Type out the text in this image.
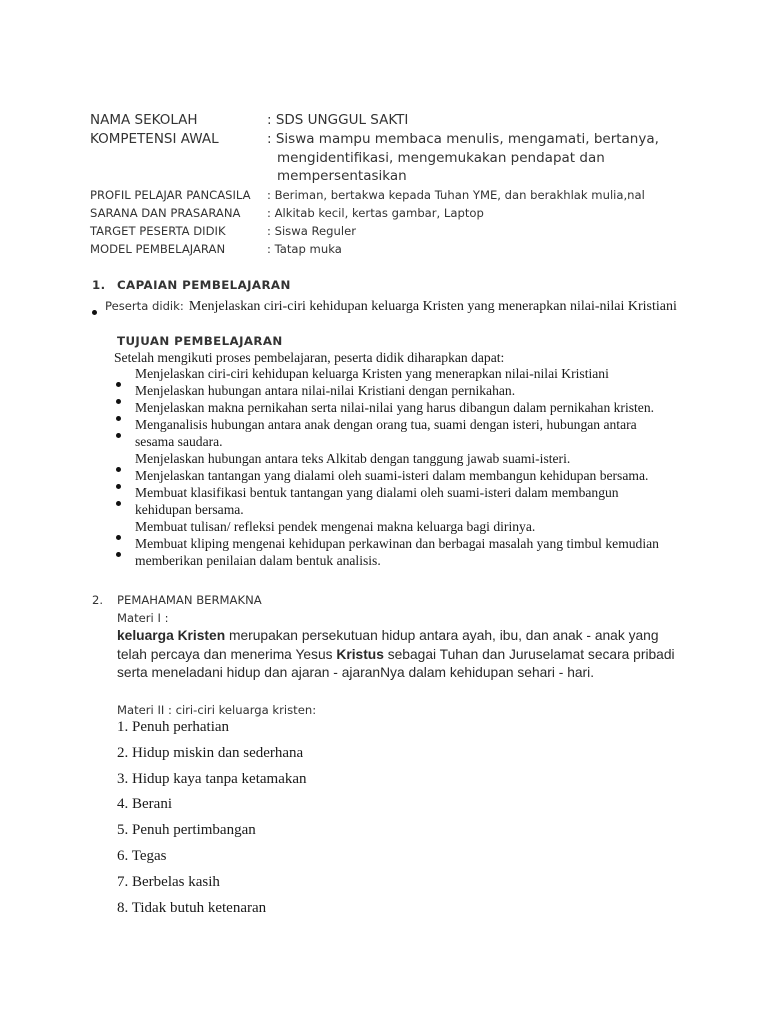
NAMA SEKOLAH	: SDS UNGGUL SAKTI
KOMPETENSI AWAL	: Siswa mampu membaca menulis, mengamati, bertanya,
mengidentifikasi, mengemukakan pendapat dan
mempersentasikan
PROFIL PELAJAR PANCASILA : Beriman, bertakwa kepada Tuhan YME, dan berakhlak mulia,nal
SARANA DAN PRASARANA : Alkitab kecil, kertas gambar, Laptop
TARGET PESERTA DIDIK	: Siswa Reguler
MODEL PEMBELAJARAN	: Tatap muka
1. CAPAIAN PEMBELAJARAN
Peserta didik: Menjelaskan ciri-ciri kehidupan keluarga Kristen yang menerapkan nilai-nilai Kristiani
TUJUAN PEMBELAJARAN
Setelah mengikuti proses pembelajaran, peserta didik diharapkan dapat:
Menjelaskan ciri-ciri kehidupan keluarga Kristen yang menerapkan nilai-nilai Kristiani
Menjelaskan hubungan antara nilai-nilai Kristiani dengan pernikahan.
Menjelaskan makna pernikahan serta nilai-nilai yang harus dibangun dalam pernikahan kristen.
Menganalisis hubungan antara anak dengan orang tua, suami dengan isteri, hubungan antara
sesama saudara.
Menjelaskan hubungan antara teks Alkitab dengan tanggung jawab suami-isteri.
Menjelaskan tantangan yang dialami oleh suami-isteri dalam membangun kehidupan bersama.
Membuat klasifikasi bentuk tantangan yang dialami oleh suami-isteri dalam membangun
kehidupan bersama.
Membuat tulisan/ refleksi pendek mengenai makna keluarga bagi dirinya.
Membuat kliping mengenai kehidupan perkawinan dan berbagai masalah yang timbul kemudian
memberikan penilaian dalam bentuk analisis.
2. PEMAHAMAN BERMAKNA
Materi I :
keluarga Kristen merupakan persekutuan hidup antara ayah, ibu, dan anak - anak yang
telah percaya dan menerima Yesus Kristus sebagai Tuhan dan Juruselamat secara pribadi
serta meneladani hidup dan ajaran - ajaranNya dalam kehidupan sehari - hari.
Materi II : ciri-ciri keluarga kristen:
1. Penuh perhatian
2. Hidup miskin dan sederhana
3. Hidup kaya tanpa ketamakan
4. Berani
5. Penuh pertimbangan
6. Tegas
7. Berbelas kasih
8. Tidak butuh ketenaran
